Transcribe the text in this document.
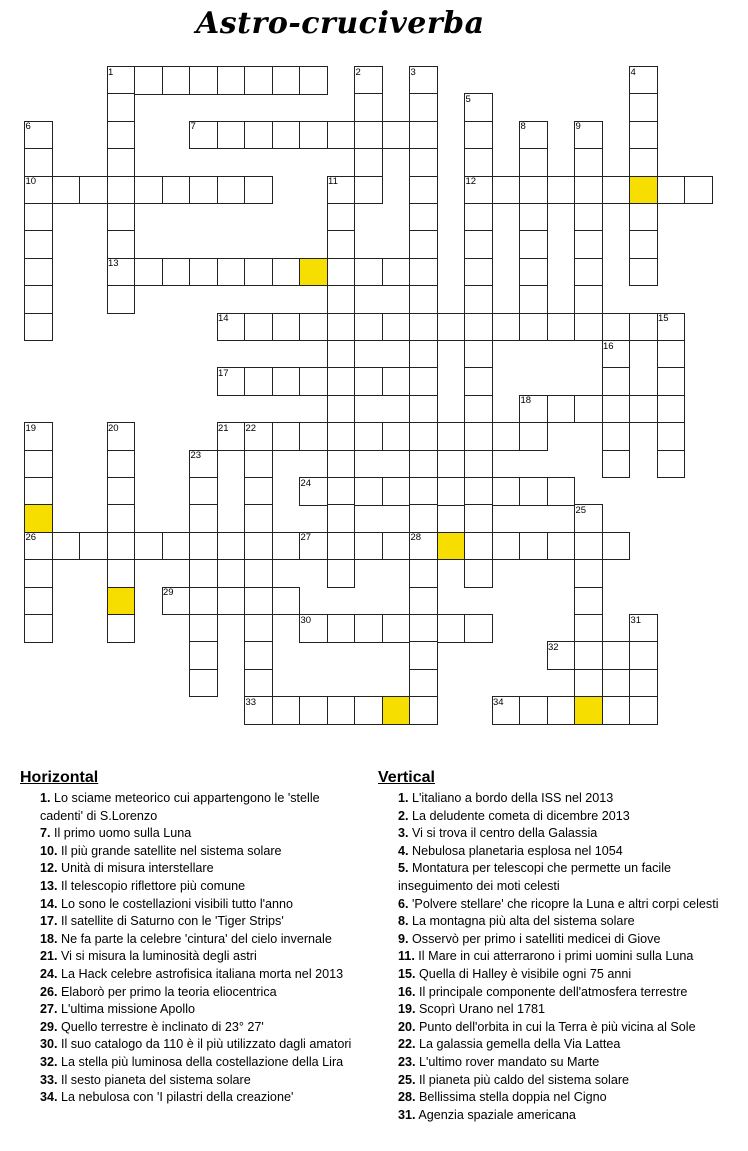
Astro-cruciverba
1	2	3	4
5
6	7	8	9
10	11	12
13
14	15
16
17
18
19	20	21 22
23
24
25
26	27	28
29
30	31
32
33	34
Horizontal
1. Lo sciame meteorico cui appartengono le 'stelle cadenti' di S.Lorenzo
7. Il primo uomo sulla Luna
10. Il più grande satellite nel sistema solare
12. Unità di misura interstellare
13. Il telescopio riflettore più comune
14. Lo sono le costellazioni visibili tutto l'anno
17. Il satellite di Saturno con le 'Tiger Strips'
18. Ne fa parte la celebre 'cintura' del cielo invernale
21. Vi si misura la luminosità degli astri
24. La Hack celebre astrofisica italiana morta nel 2013
26. Elaborò per primo la teoria eliocentrica
27. L'ultima missione Apollo
29. Quello terrestre è inclinato di 23° 27'
30. Il suo catalogo da 110 è il più utilizzato dagli amatori
32. La stella più luminosa della costellazione della Lira
33. Il sesto pianeta del sistema solare
34. La nebulosa con 'I pilastri della creazione'
Vertical
1. L'italiano a bordo della ISS nel 2013
2. La deludente cometa di dicembre 2013
3. Vi si trova il centro della Galassia
4. Nebulosa planetaria esplosa nel 1054
5. Montatura per telescopi che permette un facile inseguimento dei moti celesti
6. 'Polvere stellare' che ricopre la Luna e altri corpi celesti
8. La montagna più alta del sistema solare
9. Osservò per primo i satelliti medicei di Giove
11. Il Mare in cui atterrarono i primi uomini sulla Luna
15. Quella di Halley è visibile ogni 75 anni
16. Il principale componente dell'atmosfera terrestre
19. Scoprì Urano nel 1781
20. Punto dell'orbita in cui la Terra è più vicina al Sole
22. La galassia gemella della Via Lattea
23. L'ultimo rover mandato su Marte
25. Il pianeta più caldo del sistema solare
28. Bellissima stella doppia nel Cigno
31. Agenzia spaziale americana
